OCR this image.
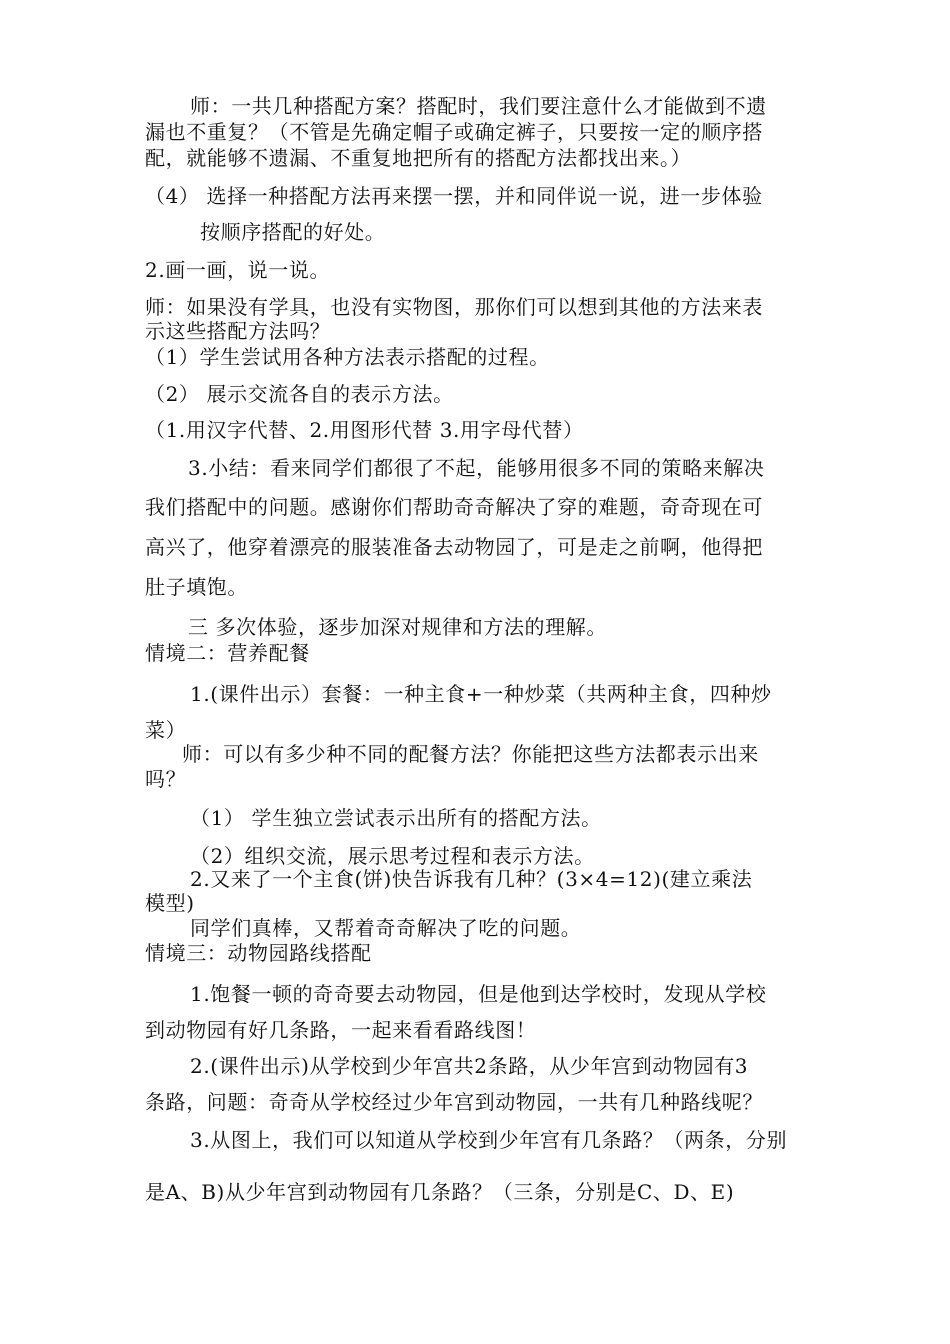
师：一共几种搭配方案？搭配时，我们要注意什么才能做到不遗
漏也不重复？（不管是先确定帽子或确定裤子，只要按一定的顺序搭
配，就能够不遗漏、不重复地把所有的搭配方法都找出来。）
（4） 选择一种搭配方法再来摆一摆，并和同伴说一说，进一步体验
按顺序搭配的好处。
2.画一画，说一说。
师：如果没有学具，也没有实物图，那你们可以想到其他的方法来表
示这些搭配方法吗？
（1）学生尝试用各种方法表示搭配的过程。
（2） 展示交流各自的表示方法。
（1.用汉字代替、2.用图形代替 3.用字母代替）
3.小结：看来同学们都很了不起，能够用很多不同的策略来解决
我们搭配中的问题。感谢你们帮助奇奇解决了穿的难题，奇奇现在可
高兴了，他穿着漂亮的服装准备去动物园了，可是走之前啊，他得把
肚子填饱。
三 多次体验，逐步加深对规律和方法的理解。
情境二：营养配餐
1.(课件出示）套餐：一种主食+一种炒菜（共两种主食，四种炒
菜）
师：可以有多少种不同的配餐方法？你能把这些方法都表示出来
吗？
（1） 学生独立尝试表示出所有的搭配方法。
（2）组织交流，展示思考过程和表示方法。
2.又来了一个主食(饼)快告诉我有几种？(3×4=12)(建立乘法
模型)
同学们真棒，又帮着奇奇解决了吃的问题。
情境三：动物园路线搭配
1.饱餐一顿的奇奇要去动物园，但是他到达学校时，发现从学校
到动物园有好几条路，一起来看看路线图！
2.(课件出示)从学校到少年宫共2条路，从少年宫到动物园有3
条路，问题：奇奇从学校经过少年宫到动物园，一共有几种路线呢？
3.从图上，我们可以知道从学校到少年宫有几条路？（两条，分别
是A、B)从少年宫到动物园有几条路？（三条，分别是C、D、E)
